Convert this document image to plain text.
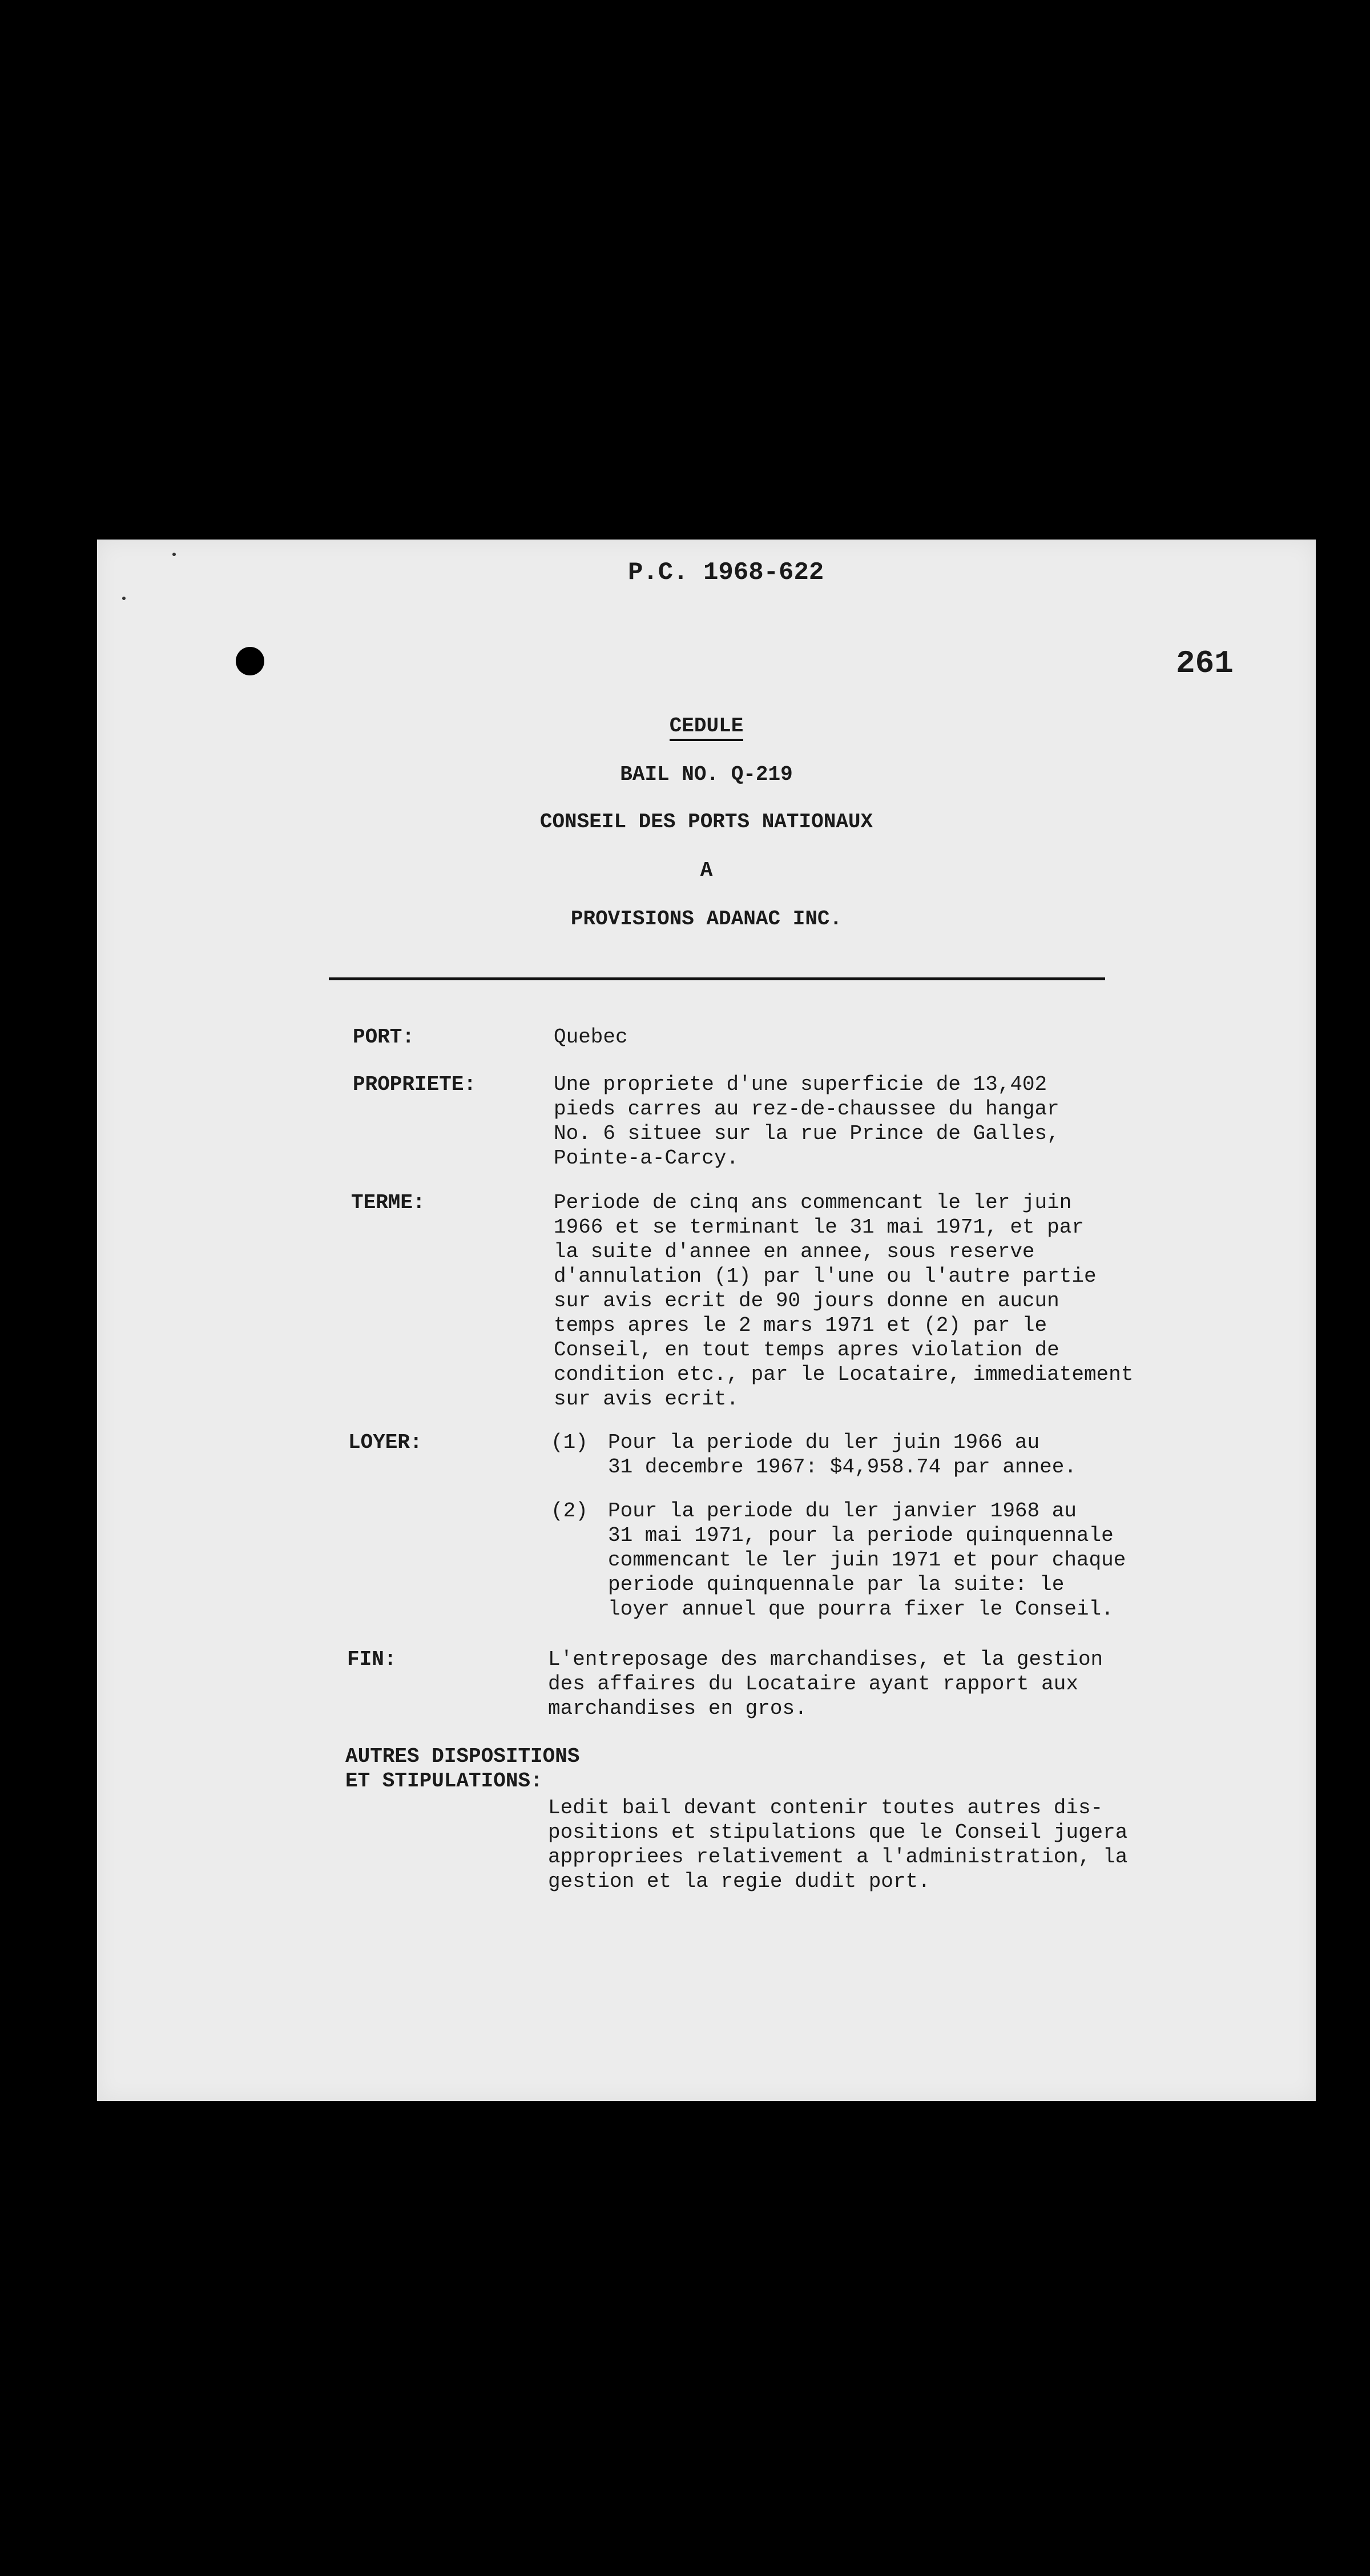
P.C. 1968-622
261
CEDULE
BAIL NO. Q-219
CONSEIL DES PORTS NATIONAUX
A
PROVISIONS ADANAC INC.
PORT:	Quebec
PROPRIETE:	Une propriete d'une superficie de 13,402
pieds carres au rez-de-chaussee du hangar
No. 6 situee sur la rue Prince de Galles,
Pointe-a-Carcy.
TERME:	Periode de cinq ans commencant le ler juin
1966 et se terminant le 31 mai 1971, et par
la suite d'annee en annee, sous reserve
d'annulation (1) par l'une ou l'autre partie
sur avis ecrit de 90 jours donne en aucun
temps apres le 2 mars 1971 et (2) par le
Conseil, en tout temps apres violation de
condition etc., par le Locataire, immediatement
sur avis ecrit.
LOYER:	(1) Pour la periode du ler juin 1966 au
31 decembre 1967: $4,958.74 par annee.
(2) Pour la periode du ler janvier 1968 au
31 mai 1971, pour la periode quinquennale
commencant le ler juin 1971 et pour chaque
periode quinquennale par la suite: le
loyer annuel que pourra fixer le Conseil.
FIN:	L'entreposage des marchandises, et la gestion
des affaires du Locataire ayant rapport aux
marchandises en gros.
AUTRES DISPOSITIONS
ET STIPULATIONS:
Ledit bail devant contenir toutes autres dis-
positions et stipulations que le Conseil jugera
appropriees relativement a l'administration, la
gestion et la regie dudit port.
